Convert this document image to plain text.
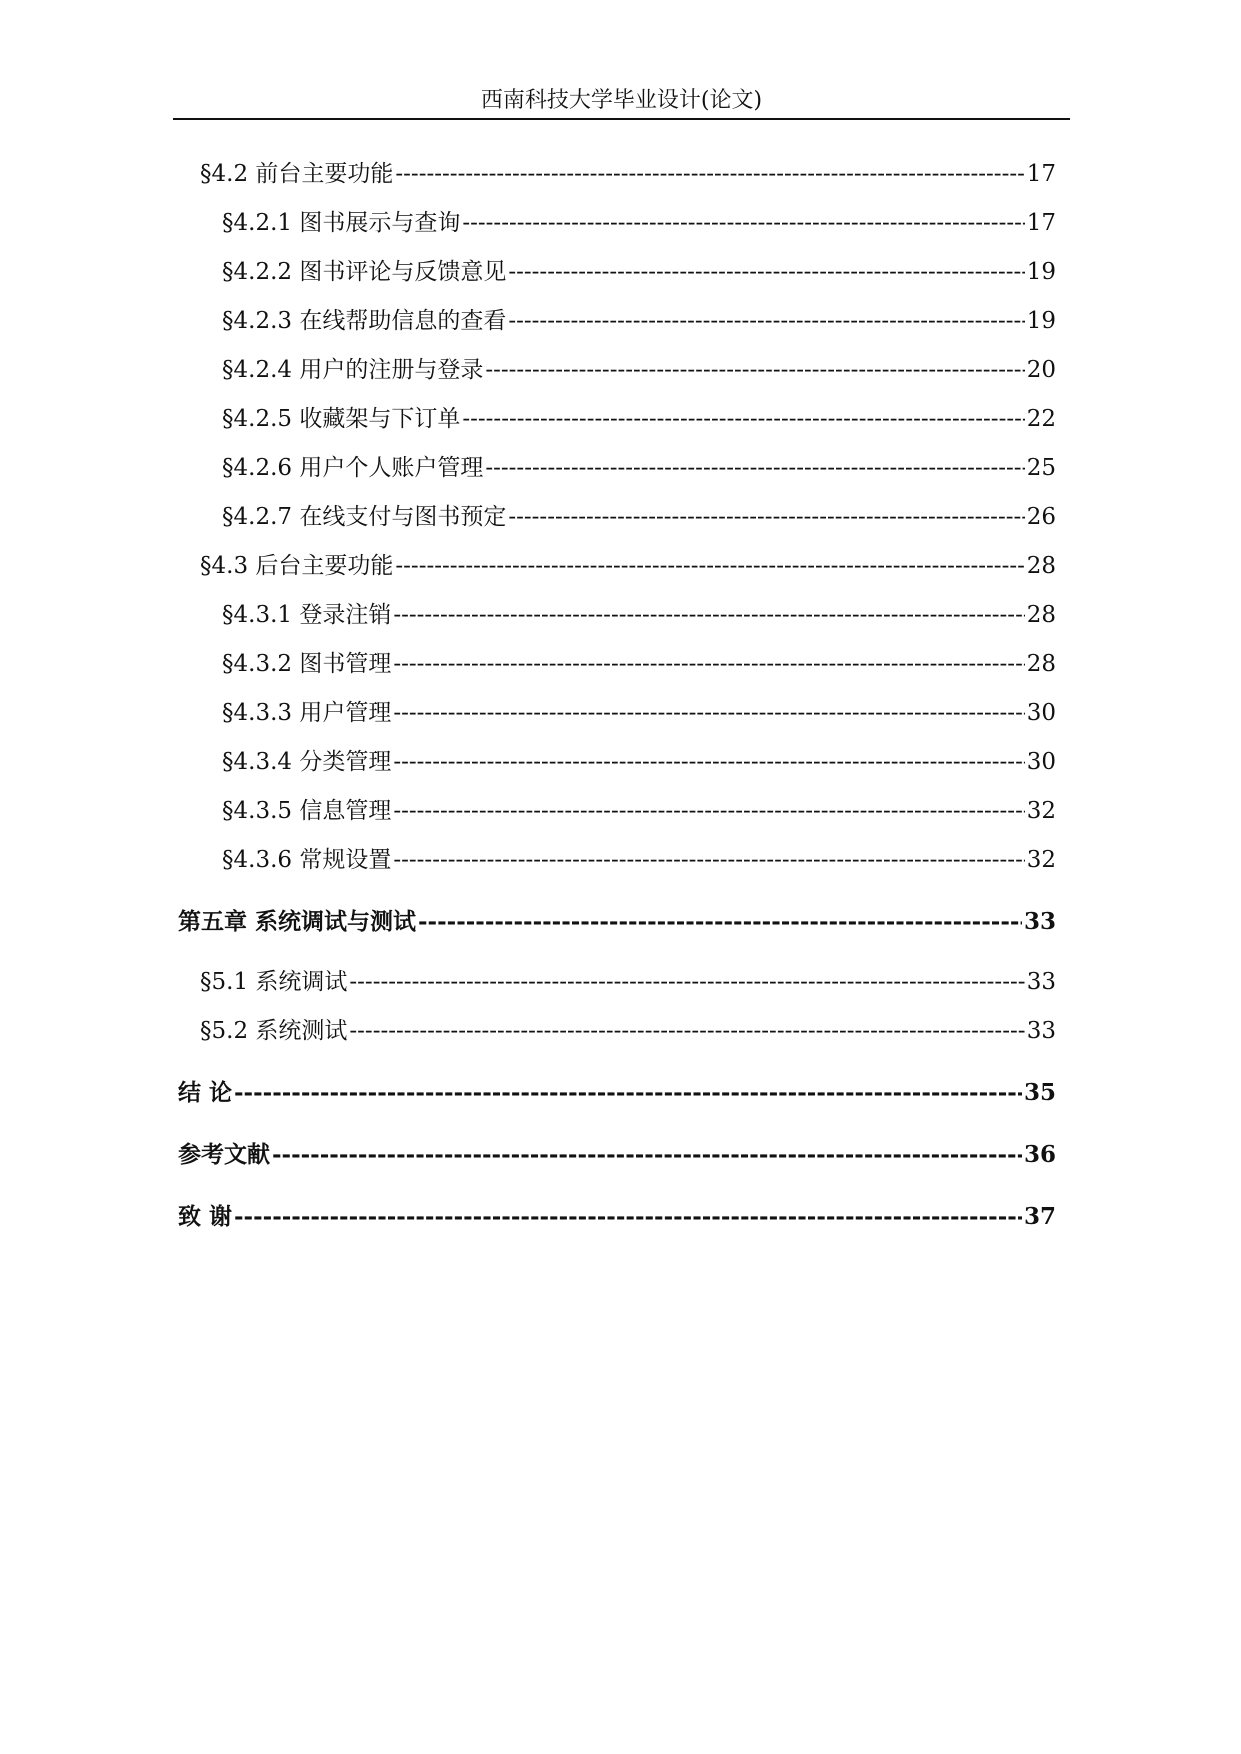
西南科技大学毕业设计(论文)
§4.2 前台主要功能 -----	17
§4.2.1 图书展示与查询 -----	17
§4.2.2 图书评论与反馈意见 -----	19
§4.2.3 在线帮助信息的查看 -----	19
§4.2.4 用户的注册与登录 -----	20
§4.2.5 收藏架与下订单 -----	22
§4.2.6 用户个人账户管理 -----	25
§4.2.7 在线支付与图书预定 -----	26
§4.3 后台主要功能 -----	28
§4.3.1 登录注销 -----	28
§4.3.2 图书管理 -----	28
§4.3.3 用户管理 -----	30
§4.3.4 分类管理 -----	30
§4.3.5 信息管理 -----	32
§4.3.6 常规设置 -----	32
第五章 系统调试与测试 -----	33
§5.1 系统调试 -----	33
§5.2 系统测试 -----	33
结 论 -----	35
参考文献 -----	36
致 谢 -----	37
